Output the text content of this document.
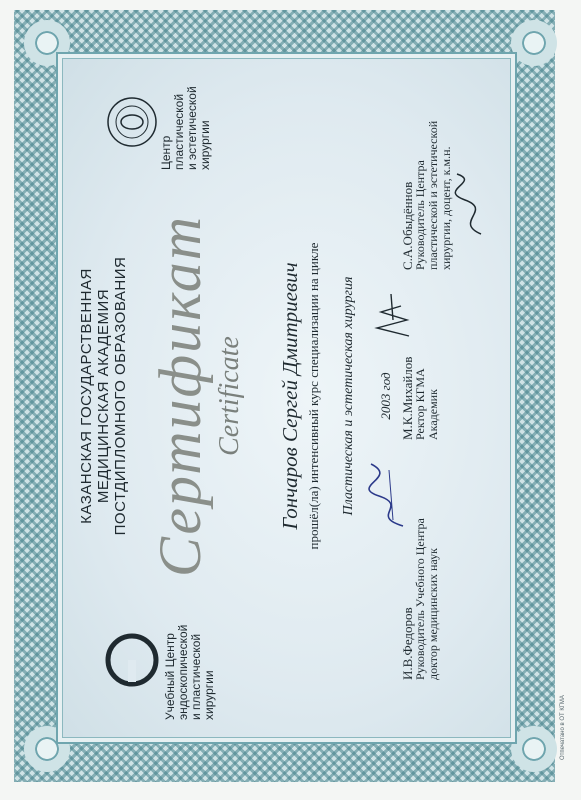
КАЗАНСКАЯ ГОСУДАРСТВЕННАЯ МЕДИЦИНСКАЯ АКАДЕМИЯ ПОСТДИПЛОМНОГО ОБРАЗОВАНИЯ
Учебный Центр эндоскопической и пластической хирургии
Центр пластической и эстетической хирургии
Сертификат Certificate Гончаров Сергей Дмитриевич прошёл(ла) интенсивный курс специализации на цикле Пластическая и эстетическая хирургия 2003 год
И.В.Федоров
Руководитель Учебного Центра доктор медицинских наук
М.К.Михайлов
Ректор КГМА Академик
С.А.Обыдённов
Руководитель Центра пластической и эстетической хирургии, доцент, к.м.н.
Отпечатано в ОТ КГМА
